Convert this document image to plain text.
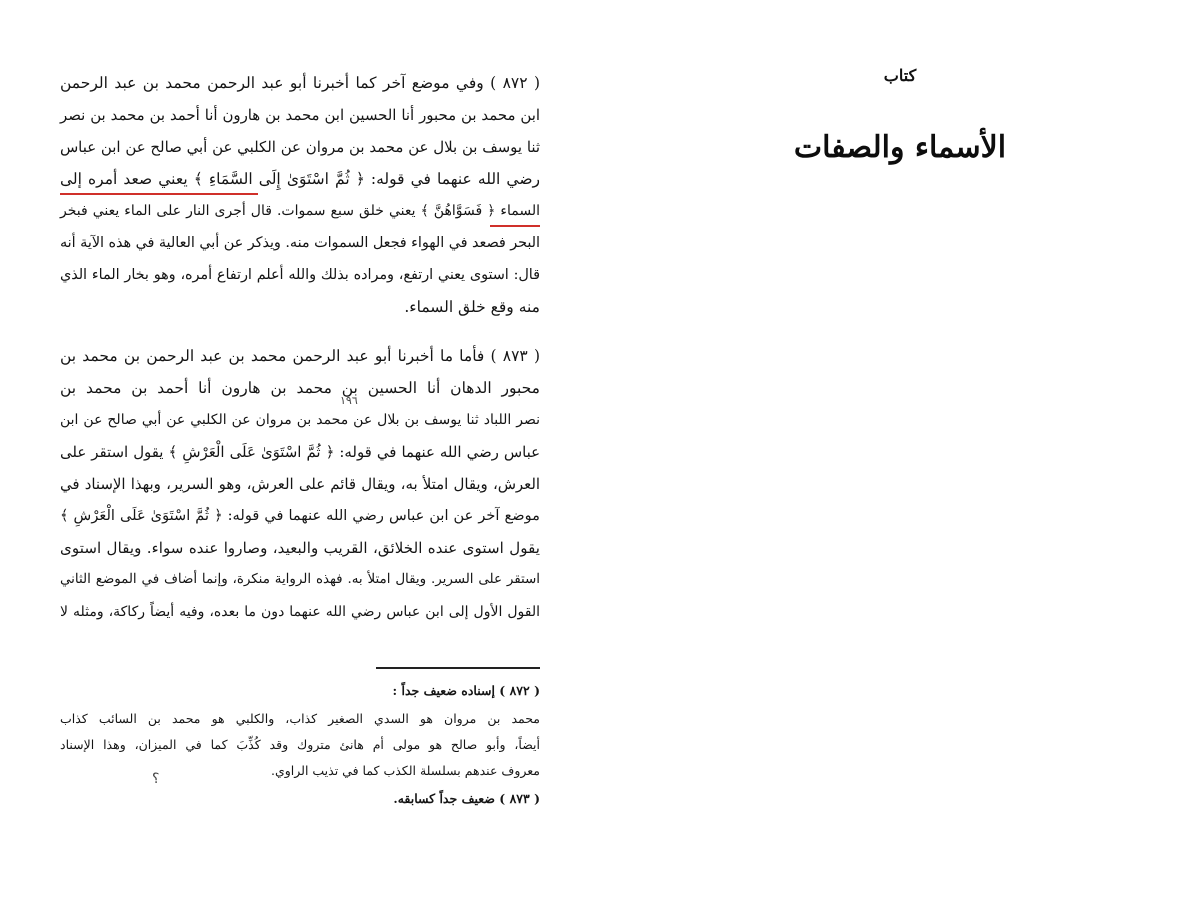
( ٨٧٢ ) وفي موضع آخر كما أخبرنا أبو عبد الرحمن محمد بن عبد الرحمن
ابن محمد بن محبور أنا الحسين ابن محمد بن هارون أنا أحمد بن محمد بن نصر
ثنا يوسف بن بلال عن محمد بن مروان عن الكلبي عن أبي صالح عن ابن عباس
رضي الله عنهما في قوله: ﴿ ثُمَّ اسْتَوَىٰ إِلَى السَّمَاءِ ﴾ يعني صعد أمره إلى
السماء ﴿ فَسَوَّاهُنَّ ﴾ يعني خلق سبع سموات. قال أجرى النار على الماء يعني فبخر
البحر فصعد في الهواء فجعل السموات منه. ويذكر عن أبي العالية في هذه الآية أنه
قال: استوى يعني ارتفع، ومراده بذلك والله أعلم ارتفاع أمره، وهو بخار الماء الذي
منه وقع خلق السماء.
( ٨٧٣ ) فأما ما أخبرنا أبو عبد الرحمن محمد بن عبد الرحمن بن محمد بن
محبور الدهان أنا الحسين بن محمد بن هارون أنا أحمد بن محمد بن
نصر اللباد ثنا يوسف بن بلال عن محمد بن مروان عن الكلبي عن أبي صالح عن ابن
عباس رضي الله عنهما في قوله: ﴿ ثُمَّ اسْتَوَىٰ عَلَى الْعَرْشِ ﴾ يقول استقر على
العرش، ويقال امتلأ به، ويقال قائم على العرش، وهو السرير، وبهذا الإسناد في
موضع آخر عن ابن عباس رضي الله عنهما في قوله: ﴿ ثُمَّ اسْتَوَىٰ عَلَى الْعَرْشِ ﴾
يقول استوى عنده الخلائق، القريب والبعيد، وصاروا عنده سواء. ويقال استوى
استقر على السرير. ويقال امتلأ به. فهذه الرواية منكرة، وإنما أضاف في الموضع الثاني
القول الأول إلى ابن عباس رضي الله عنهما دون ما بعده، وفيه أيضاً ركاكة، ومثله لا
١٩٦
( ٨٧٢ ) إسناده ضعيف جداً :
محمد بن مروان هو السدي الصغير كذاب، والكلبي هو محمد بن السائب كذاب
أيضاً، وأبو صالح هو مولى أم هانئ متروك وقد كُذِّبَ كما في الميزان، وهذا الإسناد
معروف عندهم بسلسلة الكذب كما في تذيب الراوي.
( ٨٧٣ ) ضعيف جداً كسابقه.
؟
كتاب
الأسماء والصفات
